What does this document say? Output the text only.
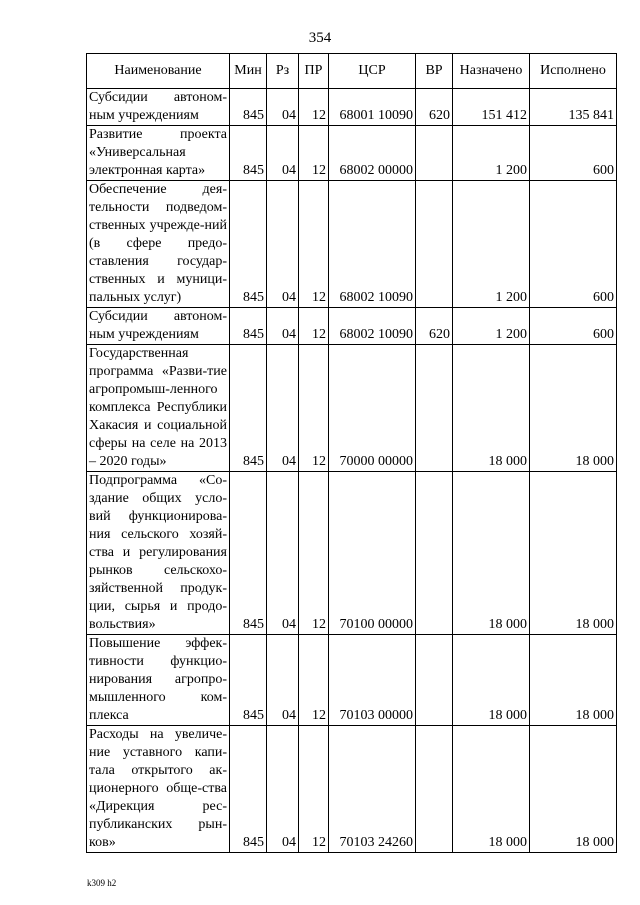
354
Наименование	Мин	Рз	ПР	ЦСР	ВР	Назначено	Исполнено
Субсидии автоном-ным учреждениям	845	04	12	68001 10090	620	151 412	135 841
Развитие проекта «Универсальная электронная карта»	845	04	12	68002 00000		1 200	600
Обеспечение дея-тельности подведом-ственных учрежде-ний (в сфере предо-ставления государ-ственных и муници-пальных услуг)	845	04	12	68002 10090		1 200	600
Субсидии автоном-ным учреждениям	845	04	12	68002 10090	620	1 200	600
Государственная программа «Разви-тие агропромыш-ленного комплекса Республики Хакасия и социальной сферы на селе на 2013 – 2020 годы»	845	04	12	70000 00000		18 000	18 000
Подпрограмма «Со-здание общих усло-вий функционирова-ния сельского хозяй-ства и регулирования рынков сельскохо-зяйственной продук-ции, сырья и продо-вольствия»	845	04	12	70100 00000		18 000	18 000
Повышение эффек-тивности функцио-нирования агропро-мышленного ком-плекса	845	04	12	70103 00000		18 000	18 000
Расходы на увеличе-ние уставного капи-тала открытого ак-ционерного обще-ства «Дирекция рес-публиканских рын-ков»	845	04	12	70103 24260		18 000	18 000
k309 h2
